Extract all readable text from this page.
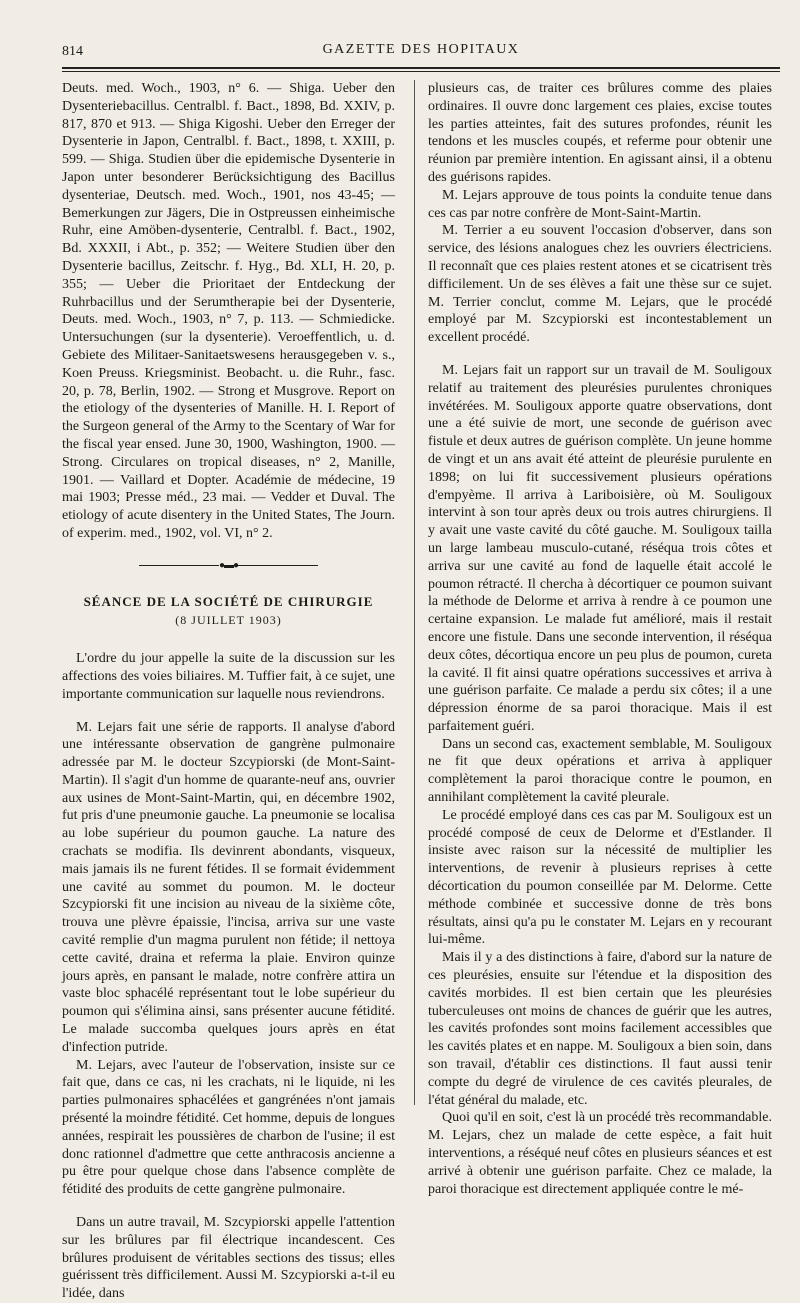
814	GAZETTE DES HOPITAUX

Deuts. med. Woch., 1903, n° 6. — Shiga. Ueber den Dysenteriebacillus. Centralbl. f. Bact., 1898, Bd. XXIV, p. 817, 870 et 913. — Shiga Kigoshi. Ueber den Erreger der Dysenterie in Japon, Centralbl. f. Bact., 1898, t. XXIII, p. 599. — Shiga. Studien über die epidemische Dysenterie in Japon unter besonderer Berücksichtigung des Bacillus dysenteriae, Deutsch. med. Woch., 1901, nos 43-45; — Bemerkungen zur Jägers, Die in Ostpreussen einheimische Ruhr, eine Amöben-dysenterie, Centralbl. f. Bact., 1902, Bd. XXXII, i Abt., p. 352; — Weitere Studien über den Dysenterie bacillus, Zeitschr. f. Hyg., Bd. XLI, H. 20, p. 355; — Ueber die Prioritaet der Entdeckung der Ruhrbacillus und der Serumtherapie bei der Dysenterie, Deuts. med. Woch., 1903, n° 7, p. 113. — Schmiedicke. Untersuchungen (sur la dysenterie). Veroeffentlich, u. d. Gebiete des Militaer-Sanitaetswesens herausgegeben v. s., Koen Preuss. Kriegsminist. Beobacht. u. die Ruhr., fasc. 20, p. 78, Berlin, 1902. — Strong et Musgrove. Report on the etiology of the dysenteries of Manille. H. I. Report of the Surgeon general of the Army to the Scentary of War for the fiscal year ensed. June 30, 1900, Washington, 1900. — Strong. Circulares on tropical diseases, n° 2, Manille, 1901. — Vaillard et Dopter. Académie de médecine, 19 mai 1903; Presse méd., 23 mai. — Vedder et Duval. The etiology of acute disentery in the United States, The Journ. of experim. med., 1902, vol. VI, n° 2.

●▬●
SÉANCE DE LA SOCIÉTÉ DE CHIRURGIE
(8 JUILLET 1903)

L'ordre du jour appelle la suite de la discussion sur les affections des voies biliaires. M. Tuffier fait, à ce sujet, une importante communication sur laquelle nous reviendrons.

M. Lejars fait une série de rapports. Il analyse d'abord une intéressante observation de gangrène pulmonaire adressée par M. le docteur Szcypiorski (de Mont-Saint-Martin). Il s'agit d'un homme de quarante-neuf ans, ouvrier aux usines de Mont-Saint-Martin, qui, en décembre 1902, fut pris d'une pneumonie gauche. La pneumonie se localisa au lobe supérieur du poumon gauche. La nature des crachats se modifia. Ils devinrent abondants, visqueux, mais jamais ils ne furent fétides. Il se formait évidemment une cavité au sommet du poumon. M. le docteur Szcypiorski fit une incision au niveau de la sixième côte, trouva une plèvre épaissie, l'incisa, arriva sur une vaste cavité remplie d'un magma purulent non fétide; il nettoya cette cavité, draina et referma la plaie. Environ quinze jours après, en pansant le malade, notre confrère attira un vaste bloc sphacélé représentant tout le lobe supérieur du poumon qui s'élimina ainsi, sans présenter aucune fétidité. Le malade succomba quelques jours après en état d'infection putride.

M. Lejars, avec l'auteur de l'observation, insiste sur ce fait que, dans ce cas, ni les crachats, ni le liquide, ni les parties pulmonaires sphacélées et gangrénées n'ont jamais présenté la moindre fétidité. Cet homme, depuis de longues années, respirait les poussières de charbon de l'usine; il est donc rationnel d'admettre que cette anthracosis ancienne a pu être pour quelque chose dans l'absence complète de fétidité des produits de cette gangrène pulmonaire.

Dans un autre travail, M. Szcypiorski appelle l'attention sur les brûlures par fil électrique incandescent. Ces brûlures produisent de véritables sections des tissus; elles guérissent très difficilement. Aussi M. Szcypiorski a-t-il eu l'idée, dans

plusieurs cas, de traiter ces brûlures comme des plaies ordinaires. Il ouvre donc largement ces plaies, excise toutes les parties atteintes, fait des sutures profondes, réunit les tendons et les muscles coupés, et referme pour obtenir une réunion par première intention. En agissant ainsi, il a obtenu des guérisons rapides.

M. Lejars approuve de tous points la conduite tenue dans ces cas par notre confrère de Mont-Saint-Martin.

M. Terrier a eu souvent l'occasion d'observer, dans son service, des lésions analogues chez les ouvriers électriciens. Il reconnaît que ces plaies restent atones et se cicatrisent très difficilement. Un de ses élèves a fait une thèse sur ce sujet. M. Terrier conclut, comme M. Lejars, que le procédé employé par M. Szcypiorski est incontestablement un excellent procédé.

M. Lejars fait un rapport sur un travail de M. Souligoux relatif au traitement des pleurésies purulentes chroniques invétérées. M. Souligoux apporte quatre observations, dont une a été suivie de mort, une seconde de guérison avec fistule et deux autres de guérison complète. Un jeune homme de vingt et un ans avait été atteint de pleurésie purulente en 1898; on lui fit successivement plusieurs opérations d'empyème. Il arriva à Lariboisière, où M. Souligoux intervint à son tour après deux ou trois autres chirurgiens. Il y avait une vaste cavité du côté gauche. M. Souligoux tailla un large lambeau musculo-cutané, réséqua trois côtes et arriva sur une cavité au fond de laquelle était accolé le poumon rétracté. Il chercha à décortiquer ce poumon suivant la méthode de Delorme et arriva à rendre à ce poumon une certaine expansion. Le malade fut amélioré, mais il restait encore une fistule. Dans une seconde intervention, il réséqua deux côtes, décortiqua encore un peu plus de poumon, cureta la cavité. Il fit ainsi quatre opérations successives et arriva à une guérison parfaite. Ce malade a perdu six côtes; il a une dépression énorme de sa paroi thoracique. Mais il est parfaitement guéri.

Dans un second cas, exactement semblable, M. Souligoux ne fit que deux opérations et arriva à appliquer complètement la paroi thoracique contre le poumon, en annihilant complètement la cavité pleurale.

Le procédé employé dans ces cas par M. Souligoux est un procédé composé de ceux de Delorme et d'Estlander. Il insiste avec raison sur la nécessité de multiplier les interventions, de revenir à plusieurs reprises à cette décortication du poumon conseillée par M. Delorme. Cette méthode combinée et successive donne de très bons résultats, ainsi qu'a pu le constater M. Lejars en y recourant lui-même.

Mais il y a des distinctions à faire, d'abord sur la nature de ces pleurésies, ensuite sur l'étendue et la disposition des cavités morbides. Il est bien certain que les pleurésies tuberculeuses ont moins de chances de guérir que les autres, les cavités profondes sont moins facilement accessibles que les cavités plates et en nappe. M. Souligoux a bien soin, dans son travail, d'établir ces distinctions. Il faut aussi tenir compte du degré de virulence de ces cavités pleurales, de l'état général du malade, etc.

Quoi qu'il en soit, c'est là un procédé très recommandable. M. Lejars, chez un malade de cette espèce, a fait huit interventions, a réséqué neuf côtes en plusieurs séances et est arrivé à obtenir une guérison parfaite. Chez ce malade, la paroi thoracique est directement appliquée contre le mé-
